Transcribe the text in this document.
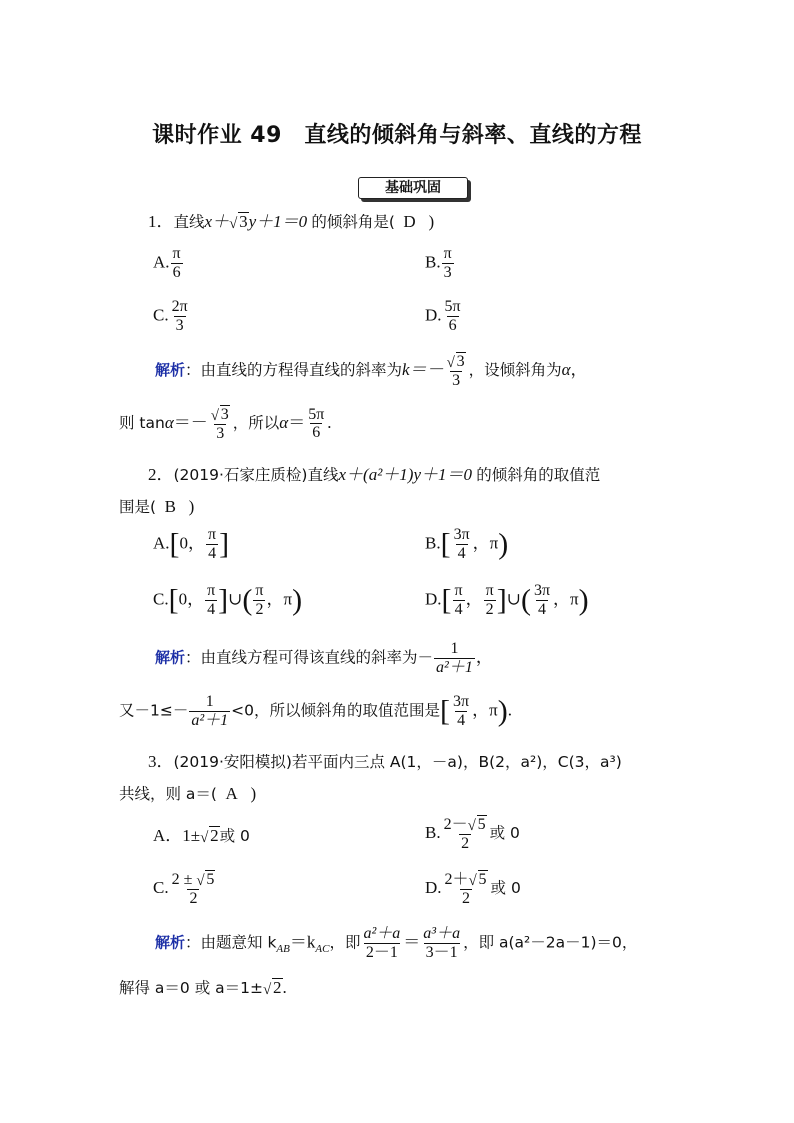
课时作业 49　直线的倾斜角与斜率、直线的方程
基础巩固
1．直线x＋ √ 3y＋1＝0 的倾斜角是( D )
A. $\frac{\pi}{6}$	B. $\frac{\pi}{3}$
C. $\frac{2\pi}{3}$	D. $\frac{5\pi}{6}$
解析：由直线的方程得直线的斜率为$k=- \frac{√ 3}{3}$ ，设倾斜角为α，
则 $\tan\alpha=- \frac{√ 3}{3}$ ，所以$\alpha= \frac{5\pi}{6}$ .
2．(2019·石家庄质检)直线x＋(a²＋1)y＋1＝0 的倾斜角的取值范
围是( B )
A.[0， $\frac{\pi}{4}$ ]	$B.[ \frac{3\pi}{4}$ ，π)
C.[0， $\frac{\pi}{4}$ ]∪( $\frac{\pi}{2}$ ，π)	$D.[ \frac{\pi}{4}$ ， $\frac{\pi}{2}$ ]∪( $\frac{3\pi}{4}$ ，π)
解析：由直线方程可得该直线的斜率为－ $\frac{1}{\text{a²＋1}}$ ，
又$-1\le- \frac{1}{\text{a²＋1}} <0$，所以倾斜角的取值范围是[ $\frac{3\pi}{4}$ ，π).
3．(2019·安阳模拟)若平面内三点 A(1，－a)，B(2，a²)，C(3，a³)
共线，则 a＝( A )
A．1± √ 2或 0	B. $\frac{2- √ 5}{2}$ 或 0
C. $\frac{2 \pm √ 5}{2}$	D. $\frac{2+ √ 5}{2}$ 或 0
解析：由题意知 $k_{AB}=k_{AC}$，即 $\frac{\text{a²＋a}}{2-1} = \frac{\text{a³＋a}}{3-1}$ ，即 a(a²－2a－1)＝0，
解得 a＝0 或 a＝1± √ 2.
